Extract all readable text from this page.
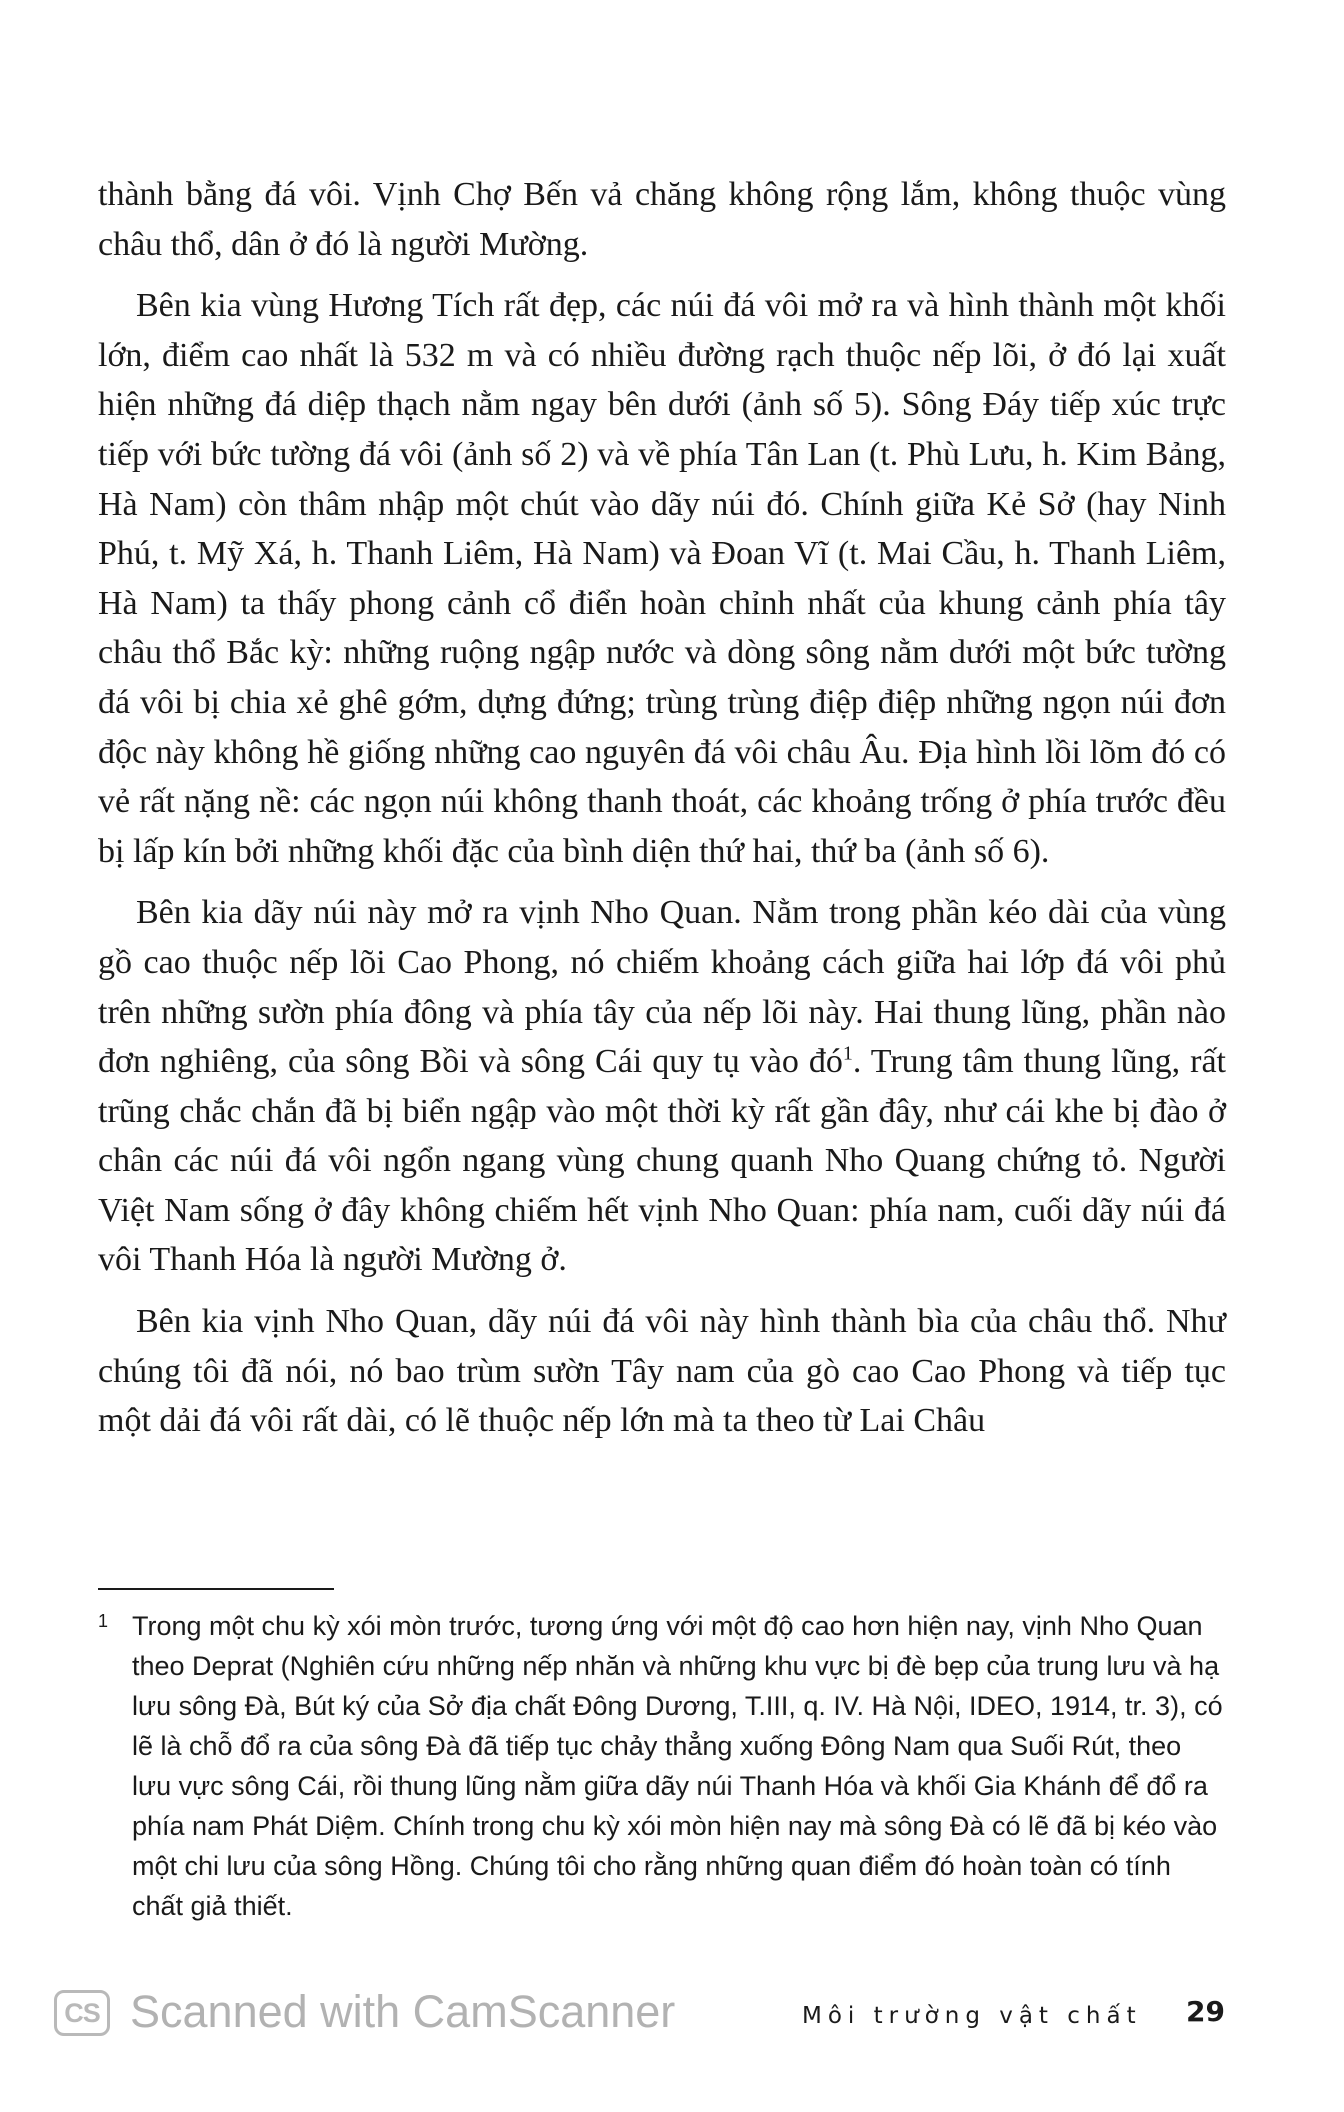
thành bằng đá vôi. Vịnh Chợ Bến vả chăng không rộng lắm, không thuộc vùng châu thổ, dân ở đó là người Mường.

Bên kia vùng Hương Tích rất đẹp, các núi đá vôi mở ra và hình thành một khối lớn, điểm cao nhất là 532 m và có nhiều đường rạch thuộc nếp lõi, ở đó lại xuất hiện những đá diệp thạch nằm ngay bên dưới (ảnh số 5). Sông Đáy tiếp xúc trực tiếp với bức tường đá vôi (ảnh số 2) và về phía Tân Lan (t. Phù Lưu, h. Kim Bảng, Hà Nam) còn thâm nhập một chút vào dãy núi đó. Chính giữa Kẻ Sở (hay Ninh Phú, t. Mỹ Xá, h. Thanh Liêm, Hà Nam) và Đoan Vĩ (t. Mai Cầu, h. Thanh Liêm, Hà Nam) ta thấy phong cảnh cổ điển hoàn chỉnh nhất của khung cảnh phía tây châu thổ Bắc kỳ: những ruộng ngập nước và dòng sông nằm dưới một bức tường đá vôi bị chia xẻ ghê gớm, dựng đứng; trùng trùng điệp điệp những ngọn núi đơn độc này không hề giống những cao nguyên đá vôi châu Âu. Địa hình lồi lõm đó có vẻ rất nặng nề: các ngọn núi không thanh thoát, các khoảng trống ở phía trước đều bị lấp kín bởi những khối đặc của bình diện thứ hai, thứ ba (ảnh số 6).

Bên kia dãy núi này mở ra vịnh Nho Quan. Nằm trong phần kéo dài của vùng gồ cao thuộc nếp lõi Cao Phong, nó chiếm khoảng cách giữa hai lớp đá vôi phủ trên những sườn phía đông và phía tây của nếp lõi này. Hai thung lũng, phần nào đơn nghiêng, của sông Bồi và sông Cái quy tụ vào $đó^1$. Trung tâm thung lũng, rất trũng chắc chắn đã bị biển ngập vào một thời kỳ rất gần đây, như cái khe bị đào ở chân các núi đá vôi ngổn ngang vùng chung quanh Nho Quang chứng tỏ. Người Việt Nam sống ở đây không chiếm hết vịnh Nho Quan: phía nam, cuối dãy núi đá vôi Thanh Hóa là người Mường ở.

Bên kia vịnh Nho Quan, dãy núi đá vôi này hình thành bìa của châu thổ. Như chúng tôi đã nói, nó bao trùm sườn Tây nam của gò cao Cao Phong và tiếp tục một dải đá vôi rất dài, có lẽ thuộc nếp lớn mà ta theo từ Lai Châu

1 Trong một chu kỳ xói mòn trước, tương ứng với một độ cao hơn hiện nay, vịnh Nho Quan theo Deprat (Nghiên cứu những nếp nhăn và những khu vực bị đè bẹp của trung lưu và hạ lưu sông Đà, Bút ký của Sở địa chất Đông Dương, T.III, q. IV. Hà Nội, IDEO, 1914, tr. 3), có lẽ là chỗ đổ ra của sông Đà đã tiếp tục chảy thẳng xuống Đông Nam qua Suối Rút, theo lưu vực sông Cái, rồi thung lũng nằm giữa dãy núi Thanh Hóa và khối Gia Khánh để đổ ra phía nam Phát Diệm. Chính trong chu kỳ xói mòn hiện nay mà sông Đà có lẽ đã bị kéo vào một chi lưu của sông Hồng. Chúng tôi cho rằng những quan điểm đó hoàn toàn có tính chất giả thiết.
CS Scanned with CamScanner	Môi trường vật chất 29
